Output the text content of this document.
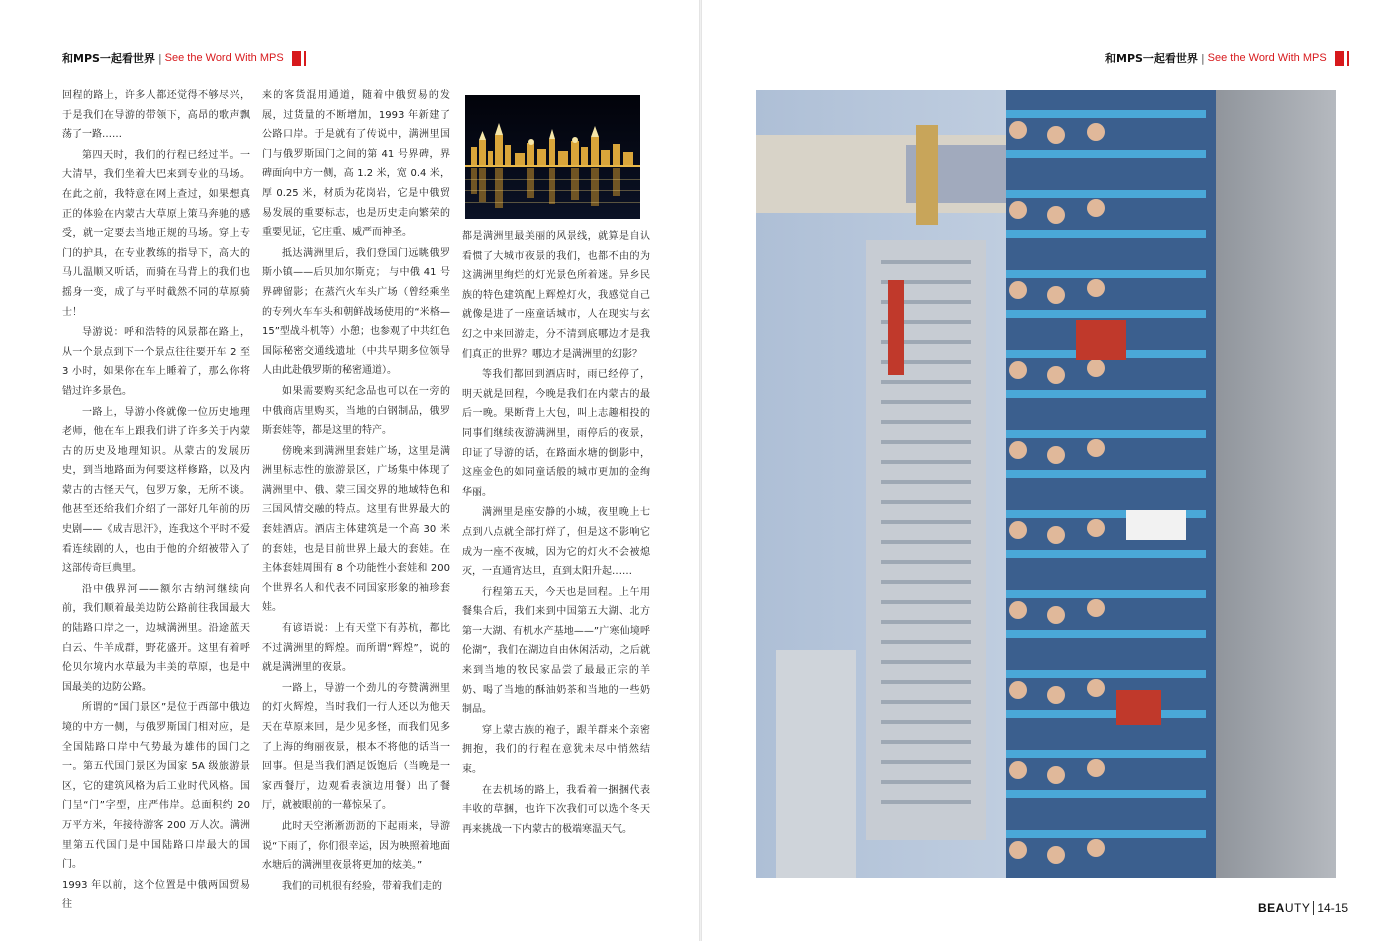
和MPS一起看世界 | See the Word With MPS	和MPS一起看世界 | See the Word With MPS

回程的路上，许多人都还觉得不够尽兴，于是我们在导游的带领下，高昂的歌声飘荡了一路……

第四天时，我们的行程已经过半。一大清早，我们坐着大巴来到专业的马场。在此之前，我特意在网上查过，如果想真正的体验在内蒙古大草原上策马奔驰的感受，就一定要去当地正规的马场。穿上专门的护具，在专业教练的指导下，高大的马儿温顺又听话，而骑在马背上的我们也摇身一变，成了与平时截然不同的草原骑士！

导游说：呼和浩特的风景都在路上，从一个景点到下一个景点往往要开车 2 至 3 小时，如果你在车上睡着了，那么你将错过许多景色。

一路上，导游小佟就像一位历史地理老师，他在车上跟我们讲了许多关于内蒙古的历史及地理知识。从蒙古的发展历史，到当地路面为何要这样修路，以及内蒙古的古怪天气，包罗万象，无所不谈。他甚至还给我们介绍了一部好几年前的历史剧——《成吉思汗》，连我这个平时不爱看连续剧的人，也由于他的介绍被带入了这部传奇巨典里。

沿中俄界河——额尔古纳河继续向前，我们顺着最美边防公路前往我国最大的陆路口岸之一，边城满洲里。沿途蓝天白云、牛羊成群，野花盛开。这里有着呼伦贝尔境内水草最为丰美的草原，也是中国最美的边防公路。

所谓的“国门景区”是位于西部中俄边境的中方一侧，与俄罗斯国门相对应，是全国陆路口岸中气势最为雄伟的国门之一。第五代国门景区为国家 5A 级旅游景区，它的建筑风格为后工业时代风格。国门呈“门”字型，庄严伟岸。总面积约 20 万平方米，年接待游客 200 万人次。满洲里第五代国门是中国陆路口岸最大的国门。

1993 年以前，这个位置是中俄两国贸易往

来的客货混用通道，随着中俄贸易的发展，过货量的不断增加，1993 年新建了公路口岸。于是就有了传说中，满洲里国门与俄罗斯国门之间的第 41 号界碑，界碑面向中方一侧，高 1.2 米，宽 0.4 米，厚 0.25 米，材质为花岗岩，它是中俄贸易发展的重要标志，也是历史走向繁荣的重要见证，它庄重、威严而神圣。

抵达满洲里后，我们登国门远眺俄罗斯小镇——后贝加尔斯克； 与中俄 41 号界碑留影；在蒸汽火车头广场（曾经乘坐的专列火车车头和朝鲜战场使用的“米格—15”型战斗机等）小憩；也参观了中共红色国际秘密交通线遗址（中共早期多位领导人由此赴俄罗斯的秘密通道）。

如果需要购买纪念品也可以在一旁的中俄商店里购买，当地的白钢制品，俄罗斯套娃等，都是这里的特产。

傍晚来到满洲里套娃广场，这里是满洲里标志性的旅游景区，广场集中体现了满洲里中、俄、蒙三国交界的地域特色和三国风情交融的特点。这里有世界最大的套娃酒店。酒店主体建筑是一个高 30 米的套娃，也是目前世界上最大的套娃。在主体套娃周围有 8 个功能性小套娃和 200 个世界名人和代表不同国家形象的袖珍套娃。

有谚语说：上有天堂下有苏杭，都比不过满洲里的辉煌。而所谓“辉煌”，说的就是满洲里的夜景。

一路上，导游一个劲儿的夸赞满洲里的灯火辉煌，当时我们一行人还以为他天天在草原来回，是少见多怪，而我们见多了上海的绚丽夜景，根本不将他的话当一回事。但是当我们酒足饭饱后（当晚是一家西餐厅，边观看表演边用餐）出了餐厅，就被眼前的一幕惊呆了。

此时天空淅淅沥沥的下起雨来，导游说“下雨了，你们很幸运，因为映照着地面水塘后的满洲里夜景将更加的炫美。”

我们的司机很有经验，带着我们走的

都是满洲里最美丽的风景线，就算是自认看惯了大城市夜景的我们，也都不由的为这满洲里绚烂的灯光景色所着迷。异乡民族的特色建筑配上辉煌灯火，我感觉自己就像是进了一座童话城市，人在现实与玄幻之中来回游走，分不清到底哪边才是我们真正的世界？哪边才是满洲里的幻影？

等我们都回到酒店时，雨已经停了，明天就是回程，今晚是我们在内蒙古的最后一晚。果断背上大包，叫上志趣相投的同事们继续夜游满洲里，雨停后的夜景，印证了导游的话，在路面水塘的倒影中，这座金色的如同童话般的城市更加的金绚华丽。

满洲里是座安静的小城，夜里晚上七点到八点就全部打烊了，但是这不影响它成为一座不夜城，因为它的灯火不会被熄灭，一直通宵达旦，直到太阳升起……

行程第五天，今天也是回程。上午用餐集合后，我们来到中国第五大湖、北方第一大湖、有机水产基地——”广寒仙境呼伦湖”，我们在湖边自由休闲活动，之后就来到当地的牧民家品尝了最最正宗的羊奶、喝了当地的酥油奶茶和当地的一些奶制品。

穿上蒙古族的袍子，跟羊群来个亲密拥抱，我们的行程在意犹未尽中悄然结束。

在去机场的路上，我看着一捆捆代表丰收的草捆，也许下次我们可以选个冬天再来挑战一下内蒙古的极端寒温天气。

BEA UTY 14-15
